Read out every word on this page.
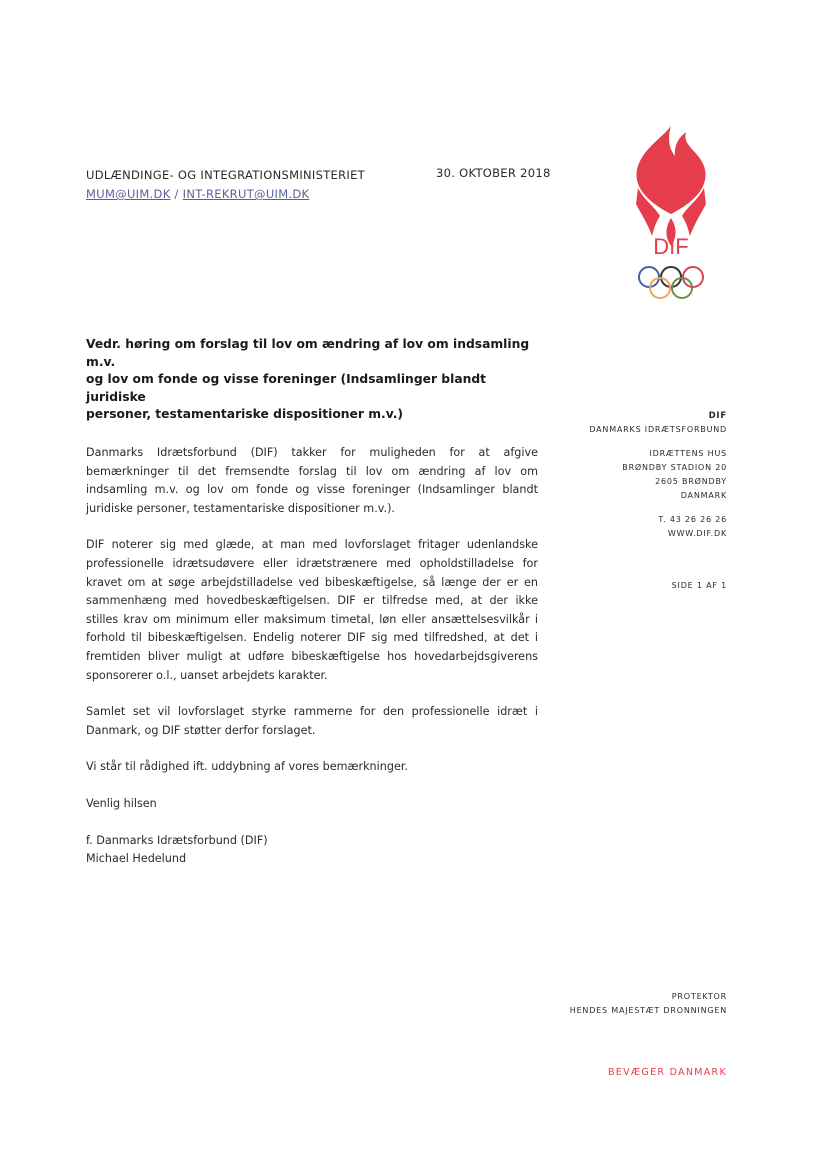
UDLÆNDINGE- OG INTEGRATIONSMINISTERIET
MUM@UIM.DK / INT-REKRUT@UIM.DK
30. OKTOBER 2018
DIF
Vedr. høring om forslag til lov om ændring af lov om indsamling m.v.
og lov om fonde og visse foreninger (Indsamlinger blandt juridiske
personer, testamentariske dispositioner m.v.)	DIF
DANMARKS IDRÆTSFORBUND
IDRÆTTENS HUS
BRØNDBY STADION 20
2605 BRØNDBY
DANMARK
T. 43 26 26 26
WWW.DIF.DK
SIDE 1 AF 1

Danmarks Idrætsforbund (DIF) takker for muligheden for at afgive bemærkninger til det fremsendte forslag til lov om ændring af lov om indsamling m.v. og lov om fonde og visse foreninger (Indsamlinger blandt juridiske personer, testamentariske dispositioner m.v.).

DIF noterer sig med glæde, at man med lovforslaget fritager udenlandske professionelle idrætsudøvere eller idrætstrænere med opholdstilladelse for kravet om at søge arbejdstilladelse ved bibeskæftigelse, så længe der er en sammenhæng med hovedbeskæftigelsen. DIF er tilfredse med, at der ikke stilles krav om minimum eller maksimum timetal, løn eller ansættelsesvilkår i forhold til bibeskæftigelsen. Endelig noterer DIF sig med tilfredshed, at det i fremtiden bliver muligt at udføre bibeskæftigelse hos hovedarbejdsgiverens sponsorerer o.l., uanset arbejdets karakter.

Samlet set vil lovforslaget styrke rammerne for den professionelle idræt i Danmark, og DIF støtter derfor forslaget.

Vi står til rådighed ift. uddybning af vores bemærkninger.

Venlig hilsen
f. Danmarks Idrætsforbund (DIF)
Michael Hedelund
PROTEKTOR
HENDES MAJESTÆT DRONNINGEN
BEVÆGER DANMARK
